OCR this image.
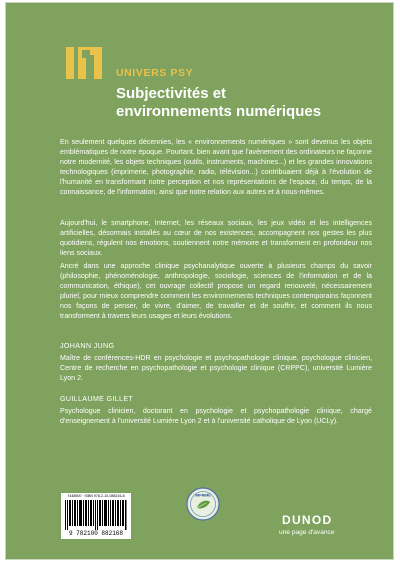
UNIVERS PSY
Subjectivités et
environnements numériques

En seulement quelques décennies, les « environnements numériques » sont devenus les objets emblématiques de notre époque. Pourtant, bien avant que l'avènement des ordinateurs ne façonne notre modernité, les objets techniques (outils, instruments, machines...) et les grandes innovations technologiques (imprimerie, photographie, radio, télévision...) contribuaient déjà à l'évolution de l'humanité en transformant notre perception et nos représentations de l'espace, du temps, de la connaissance, de l'information, ainsi que notre relation aux autres et à nous-mêmes.

Aujourd'hui, le smartphone, Internet, les réseaux sociaux, les jeux vidéo et les intelligences artificielles, désormais installés au cœur de nos existences, accompagnent nos gestes les plus quotidiens, régulent nos émotions, soutiennent notre mémoire et transforment en profondeur nos liens sociaux.

Ancré dans une approche clinique psychanalytique ouverte à plusieurs champs du savoir (philosophie, phénoménologie, anthropologie, sociologie, sciences de l'information et de la communication, éthique), cet ouvrage collectif propose un regard renouvelé, nécessairement pluriel, pour mieux comprendre comment les environnements techniques contemporains façonnent nos façons de penser, de vivre, d'aimer, de travailler et de souffrir, et comment ils nous transforment à travers leurs usages et leurs évolutions.

JOHANN JUNG

Maître de conférences-HDR en psychologie et psychopathologie clinique, psychologue clinicien, Centre de recherche en psychopathologie et psychologie clinique (CRPPC), université Lumière Lyon 2.

GUILLAUME GILLET

Psychologue clinicien, doctorant en psychologie et psychopathologie clinique, chargé d'enseignement à l'université Lumière Lyon 2 et à l'université catholique de Lyon (UCLy).

7448500 · ISBN 978-2-10-088216-8
9 782100 882168
IMPRIMÉ
DUNOD
une page d'avance
